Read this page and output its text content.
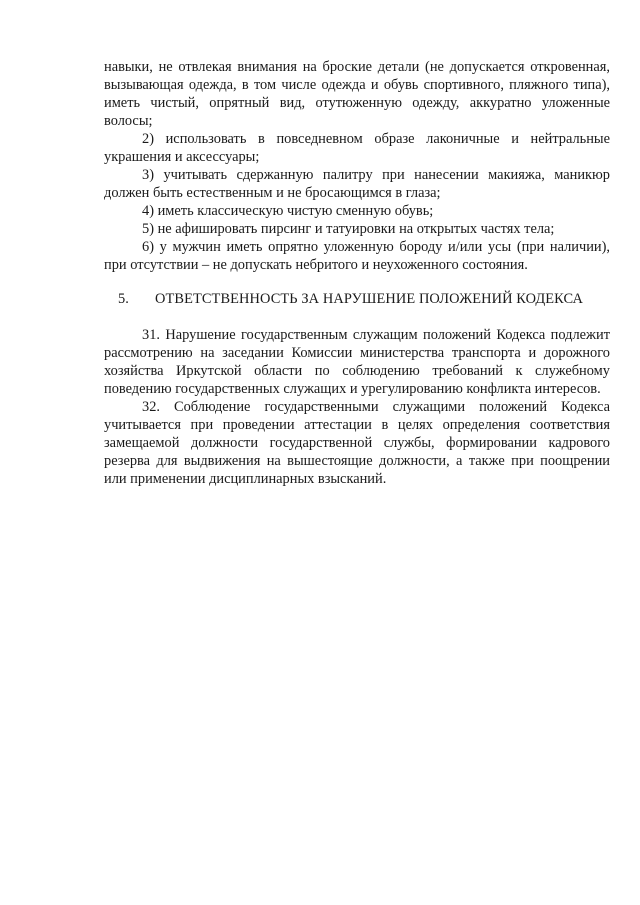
навыки, не отвлекая внимания на броские детали (не допускается откровенная, вызывающая одежда, в том числе одежда и обувь спортивного, пляжного типа), иметь чистый, опрятный вид, отутюженную одежду, аккуратно уложенные волосы;

2) использовать в повседневном образе лаконичные и нейтральные украшения и аксессуары;

3) учитывать сдержанную палитру при нанесении макияжа, маникюр должен быть естественным и не бросающимся в глаза;

4) иметь классическую чистую сменную обувь;

5) не афишировать пирсинг и татуировки на открытых частях тела;

6) у мужчин иметь опрятно уложенную бороду и/или усы (при наличии), при отсутствии – не допускать небритого и неухоженного состояния.

5. ОТВЕТСТВЕННОСТЬ ЗА НАРУШЕНИЕ ПОЛОЖЕНИЙ КОДЕКСА

31. Нарушение государственным служащим положений Кодекса подлежит рассмотрению на заседании Комиссии министерства транспорта и дорожного хозяйства Иркутской области по соблюдению требований к служебному поведению государственных служащих и урегулированию конфликта интересов.

32. Соблюдение государственными служащими положений Кодекса учитывается при проведении аттестации в целях определения соответствия замещаемой должности государственной службы, формировании кадрового резерва для выдвижения на вышестоящие должности, а также при поощрении или применении дисциплинарных взысканий.
